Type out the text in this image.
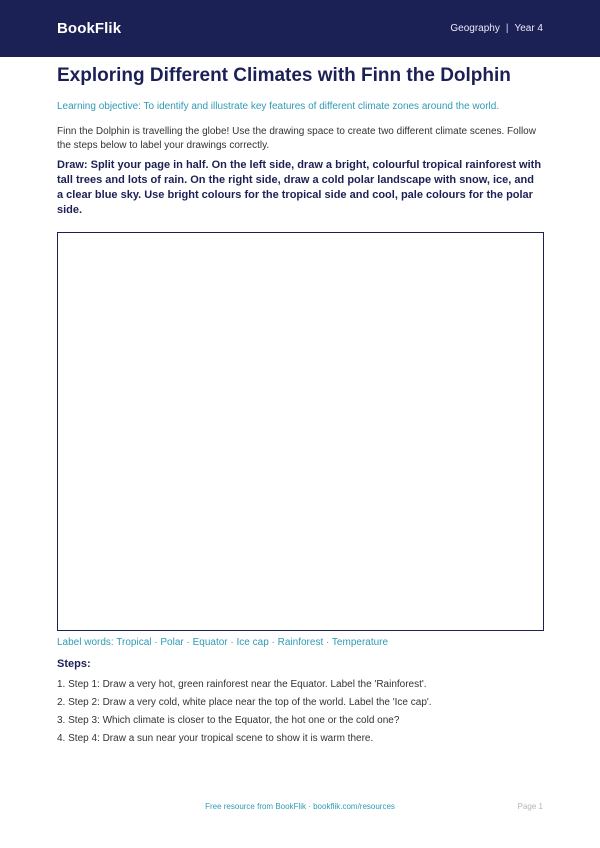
BookFlik	Geography | Year 4
Exploring Different Climates with Finn the Dolphin

Learning objective: To identify and illustrate key features of different climate zones around the world.

Finn the Dolphin is travelling the globe! Use the drawing space to create two different climate scenes. Follow the steps below to label your drawings correctly.

Draw: Split your page in half. On the left side, draw a bright, colourful tropical rainforest with tall trees and lots of rain. On the right side, draw a cold polar landscape with snow, ice, and a clear blue sky. Use bright colours for the tropical side and cool, pale colours for the polar side.

Label words: Tropical · Polar · Equator · Ice cap · Rainforest · Temperature

Steps:
1. Step 1: Draw a very hot, green rainforest near the Equator. Label the 'Rainforest'.
2. Step 2: Draw a very cold, white place near the top of the world. Label the 'Ice cap'.
3. Step 3: Which climate is closer to the Equator, the hot one or the cold one?
4. Step 4: Draw a sun near your tropical scene to show it is warm there.
Free resource from BookFlik · bookflik.com/resources	Page 1
